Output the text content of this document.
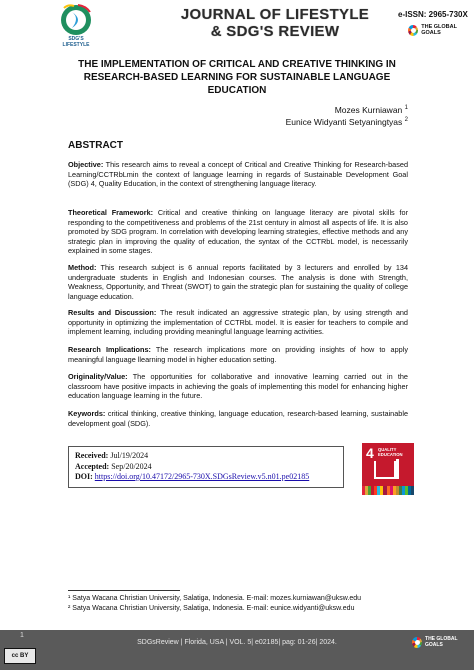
SDG'S LIFESTYLE
JOURNAL OF LIFESTYLE
& SDG'S REVIEW
e-ISSN: 2965-730X
THE GLOBAL GOALS
THE IMPLEMENTATION OF CRITICAL AND CREATIVE THINKING IN RESEARCH-BASED LEARNING FOR SUSTAINABLE LANGUAGE EDUCATION
Mozes Kurniawan $^1$
Eunice Widyanti Setyaningtyas $^2$
ABSTRACT
Objective: This research aims to reveal a concept of Critical and Creative Thinking for Research-based Learning/CCTRbLmin the context of language learning in regards of Sustainable Development Goal (SDG) 4, Quality Education, in the context of strengthening language literacy.
Theoretical Framework: Critical and creative thinking on language literacy are pivotal skills for responding to the competitiveness and problems of the 21st century in almost all aspects of life. It is also promoted by SDG program. In correlation with developing learning strategies, effective methods and any strategic plan in improving the quality of education, the syntax of the CCTRbL model, is necessarily explained in some stages.
Method: This research subject is 6 annual reports facilitated by 3 lecturers and enrolled by 134 undergraduate students in English and Indonesian courses. The analysis is done with Strength, Weakness, Opportunity, and Threat (SWOT) to gain the strategic plan for sustaining the quality of college language education.
Results and Discussion: The result indicated an aggressive strategic plan, by using strength and opportunity in optimizing the implementation of CCTRbL model. It is easier for teachers to compile and implement learning, including providing meaningful language learning activities.
Research Implications: The research implications more on providing insights of how to apply meaningful language llearning model in higher education setting.
Originality/Value: The opportunities for collaborative and innovative learning carried out in the classroom have positive impacts in achieving the goals of implementing this model for enhancing higher education language learning in the future.
Keywords: critical thinking, creative thinking, language education, research-based learning, sustainable development goal (SDG).
Received: Jul/19/2024
Accepted: Sep/20/2024
DOI: https://doi.org/10.47172/2965-730X.SDGsReview.v5.n01.pe02185
4 QUALITY
EDUCATION
¹ Satya Wacana Christian University, Salatiga, Indonesia. E-mail: mozes.kurniawan@uksw.edu
² Satya Wacana Christian University, Salatiga, Indonesia. E-mail: eunice.widyanti@uksw.edu
1
SDGsReview | Florida, USA | VOL. 5| e02185| pag: 01-26| 2024.
cc BY
THE GLOBAL GOALS
